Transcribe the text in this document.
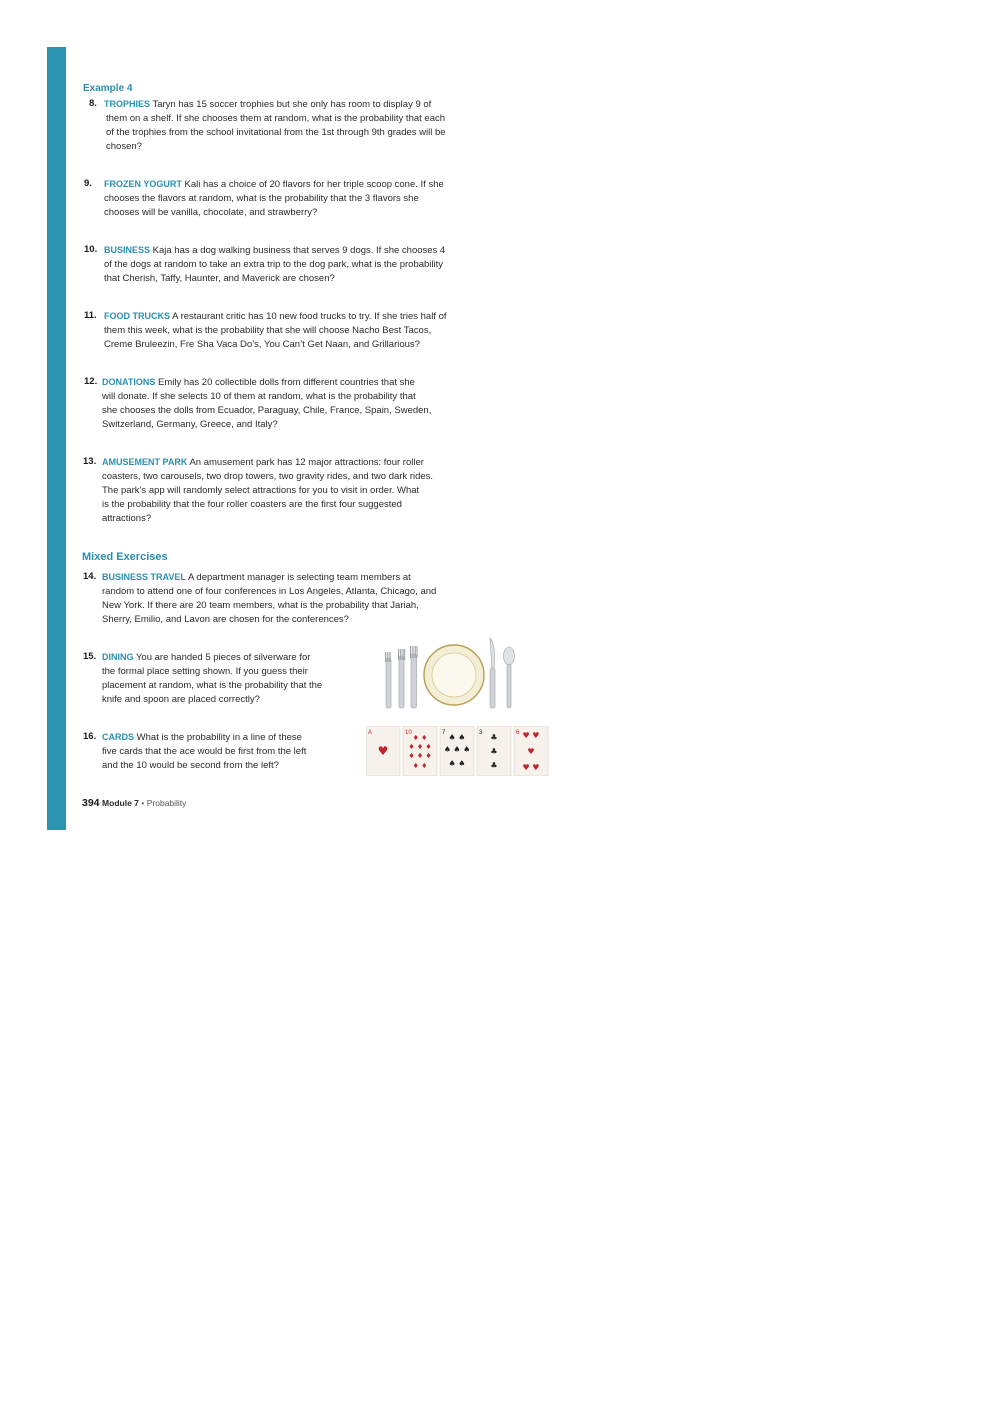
Example 4
Mixed Exercises
8. TROPHIES Taryn has 15 soccer trophies but she only has room to display 9 of
them on a shelf. If she chooses them at random, what is the probability that each
of the trophies from the school invitational from the 1st through 9th grades will be
chosen?
9. FROZEN YOGURT Kali has a choice of 20 flavors for her triple scoop cone. If she
chooses the flavors at random, what is the probability that the 3 flavors she
chooses will be vanilla, chocolate, and strawberry?
10. BUSINESS Kaja has a dog walking business that serves 9 dogs. If she chooses 4
of the dogs at random to take an extra trip to the dog park, what is the probability
that Cherish, Taffy, Haunter, and Maverick are chosen?
11. FOOD TRUCKS A restaurant critic has 10 new food trucks to try. If she tries half of
them this week, what is the probability that she will choose Nacho Best Tacos,
Creme Bruleezin, Fre Sha Vaca Do’s, You Can’t Get Naan, and Grillarious?
12. DONATIONS Emily has 20 collectible dolls from different countries that she
will donate. If she selects 10 of them at random, what is the probability that
she chooses the dolls from Ecuador, Paraguay, Chile, France, Spain, Sweden,
Switzerland, Germany, Greece, and Italy?
13. AMUSEMENT PARK An amusement park has 12 major attractions: four roller
coasters, two carousels, two drop towers, two gravity rides, and two dark rides.
The park’s app will randomly select attractions for you to visit in order. What
is the probability that the four roller coasters are the first four suggested
attractions?
14. BUSINESS TRAVEL A department manager is selecting team members at
random to attend one of four conferences in Los Angeles, Atlanta, Chicago, and
New York. If there are 20 team members, what is the probability that Jariah,
Sherry, Emilio, and Lavon are chosen for the conferences?
15. DINING You are handed 5 pieces of silverware for
the formal place setting shown. If you guess their
placement at random, what is the probability that the
knife and spoon are placed correctly?
16. CARDS What is the probability in a line of these
five cards that the ace would be first from the left
and the 10 would be second from the left?
A
♥
10
♦ ♦
♦ ♦ ♦
♦ ♦ ♦
♦ ♦
7 ♠ ♠
♠ ♠ ♠
♠ ♠
3 ♣
♣
♣
6 ♥ ♥
♥
♥ ♥
394 Module 7 • Probability
